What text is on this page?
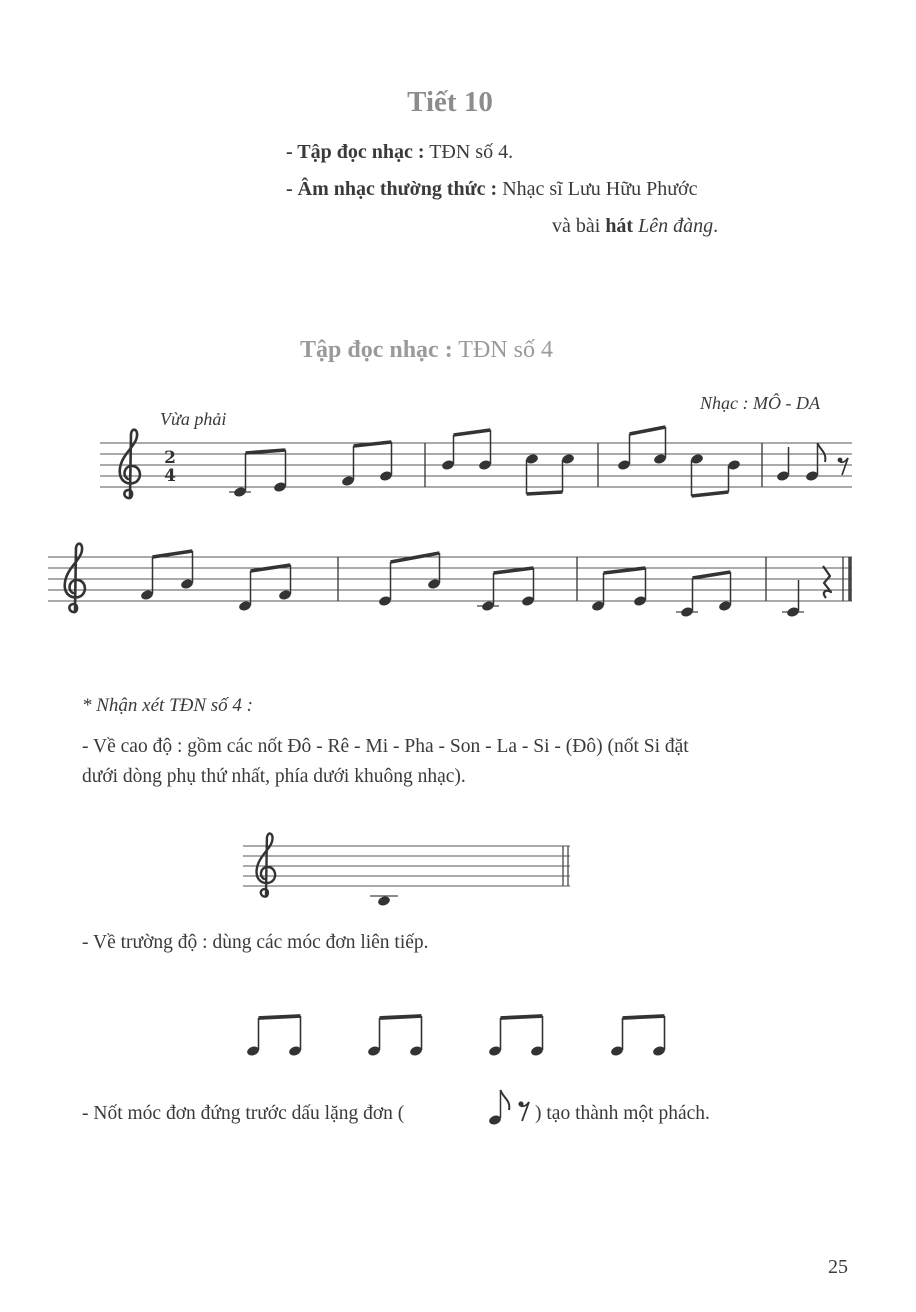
Tiết 10
- Tập đọc nhạc : TĐN số 4.
- Âm nhạc thường thức : Nhạc sĩ Lưu Hữu Phước
và bài hát Lên đàng.
Tập đọc nhạc : TĐN số 4
Nhạc : MÔ - DA
Vừa phải
2
4
* Nhận xét TĐN số 4 :
- Về cao độ : gồm các nốt Đô - Rê - Mi - Pha - Son - La - Si - (Đô) (nốt Si đặt
dưới dòng phụ thứ nhất, phía dưới khuông nhạc).
- Về trường độ : dùng các móc đơn liên tiếp.
- Nốt móc đơn đứng trước dấu lặng đơn (	) tạo thành một phách.
25
